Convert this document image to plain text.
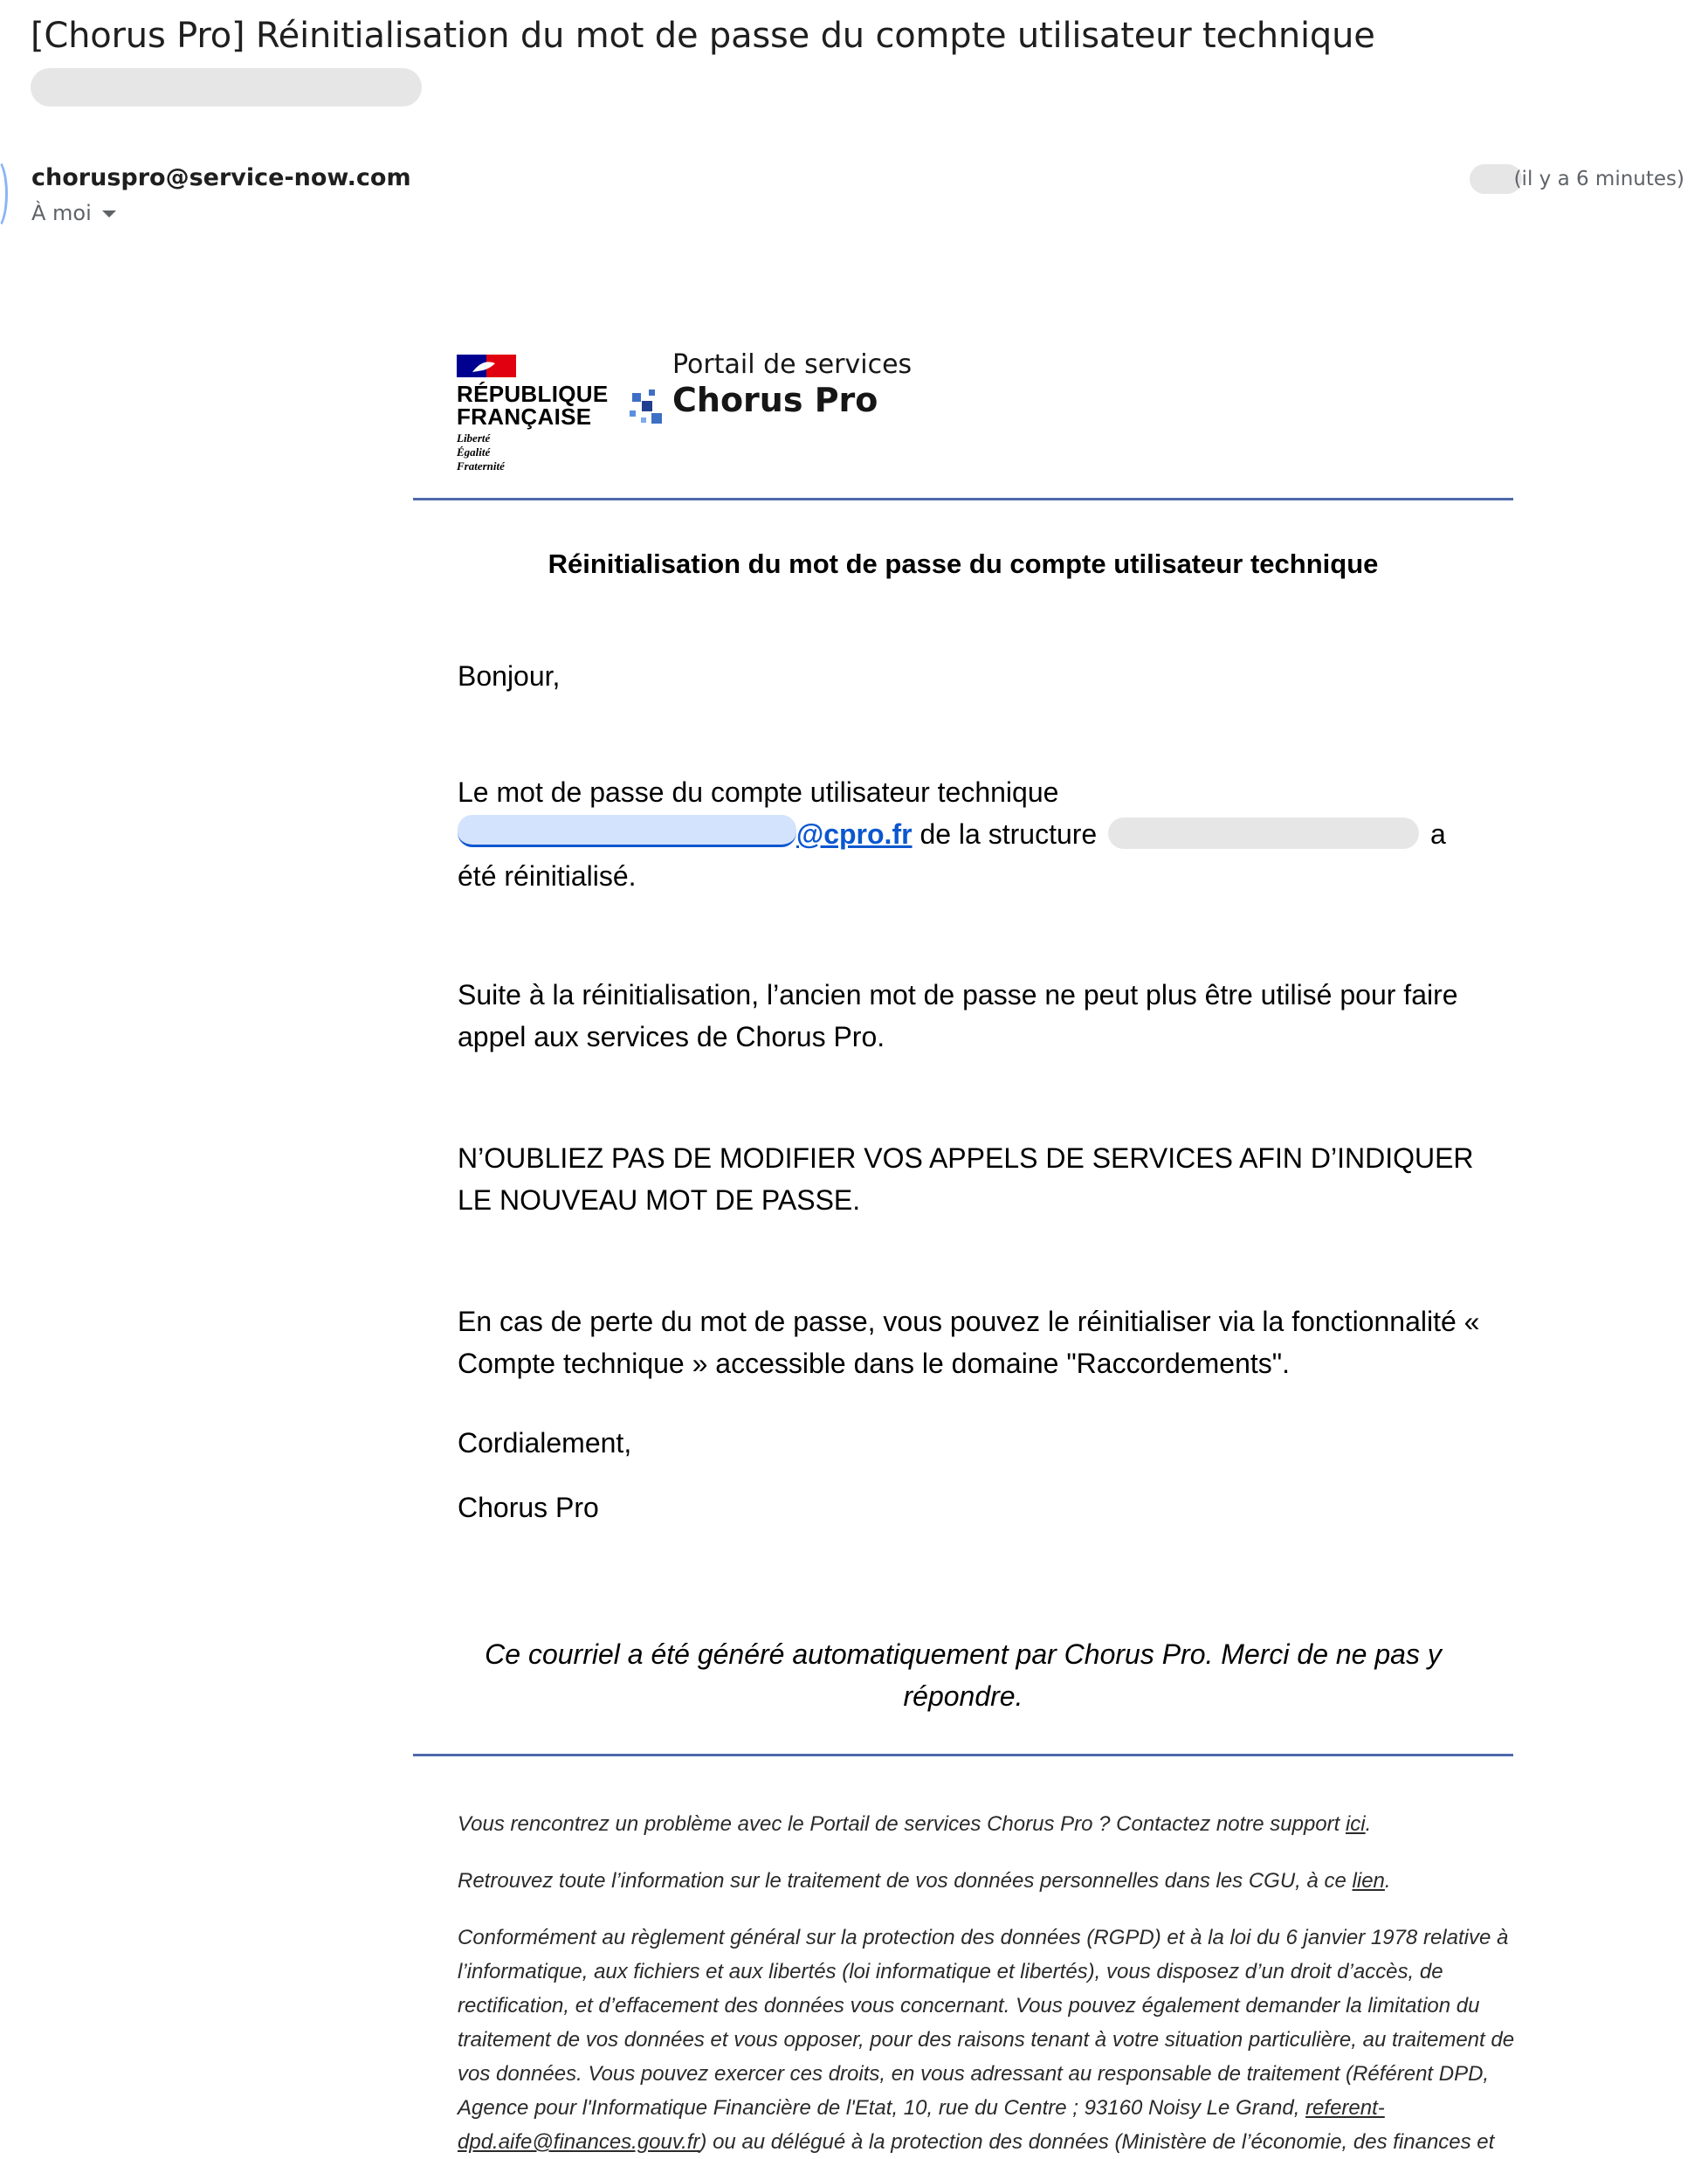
[Chorus Pro] Réinitialisation du mot de passe du compte utilisateur technique
choruspro@service-now.com
À moi
(il y a 6 minutes)
RÉPUBLIQUE
FRANÇAISE
Liberté
Égalité
Fraternité
Portail de services
Chorus Pro
Réinitialisation du mot de passe du compte utilisateur technique
Bonjour,
Le mot de passe du compte utilisateur technique
@cpro.fr de la structure	a été réinitialisé.
Suite à la réinitialisation, l’ancien mot de passe ne peut plus être utilisé pour faire appel aux services de Chorus Pro.
N’OUBLIEZ PAS DE MODIFIER VOS APPELS DE SERVICES AFIN D’INDIQUER LE NOUVEAU MOT DE PASSE.
En cas de perte du mot de passe, vous pouvez le réinitialiser via la fonctionnalité « Compte technique » accessible dans le domaine "Raccordements".
Cordialement,
Chorus Pro
Ce courriel a été généré automatiquement par Chorus Pro. Merci de ne pas y répondre.
Vous rencontrez un problème avec le Portail de services Chorus Pro ? Contactez notre support ici.
Retrouvez toute l’information sur le traitement de vos données personnelles dans les CGU, à ce lien.
Conformément au règlement général sur la protection des données (RGPD) et à la loi du 6 janvier 1978 relative à l’informatique, aux fichiers et aux libertés (loi informatique et libertés), vous disposez d’un droit d’accès, de rectification, et d’effacement des données vous concernant. Vous pouvez également demander la limitation du traitement de vos données et vous opposer, pour des raisons tenant à votre situation particulière, au traitement de vos données. Vous pouvez exercer ces droits, en vous adressant au responsable de traitement (Référent DPD, Agence pour l'Informatique Financière de l'Etat, 10, rue du Centre ; 93160 Noisy Le Grand, referent-dpd.aife@finances.gouv.fr) ou au délégué à la protection des données (Ministère de l’économie, des finances et
